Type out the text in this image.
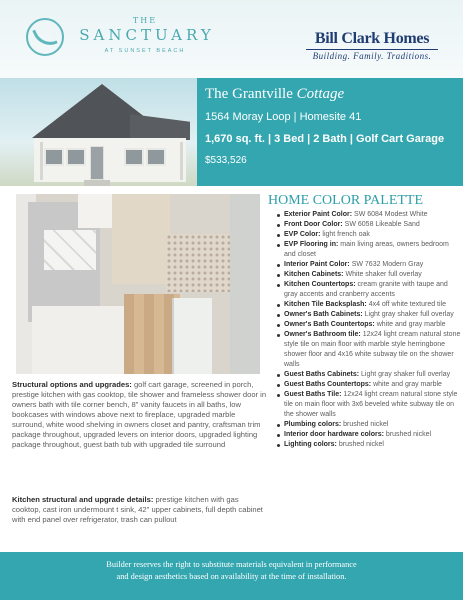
THE
SANCTUARY
AT SUNSET BEACH
Bill Clark Homes
Building. Family. Traditions.
The Grantville Cottage
1564 Moray Loop | Homesite 41
1,670 sq. ft. | 3 Bed | 2 Bath | Golf Cart Garage
$533,526
HOME COLOR PALETTE
Exterior Paint Color: SW 6084 Modest White
Front Door Color: SW 6058 Likeable Sand
EVP Color: light french oak
EVP Flooring in: main living areas, owners bedroom and closet
Interior Paint Color: SW 7632 Modern Gray
Kitchen Cabinets: White shaker full overlay
Kitchen Countertops: cream granite with taupe and gray accents and cranberry accents
Kitchen Tile Backsplash: 4x4 off white textured tile
Owner's Bath Cabinets: Light gray shaker full overlay
Owner's Bath Countertops: white and gray marble
Owner's Bathroom tile: 12x24 light cream natural stone style tile on main floor with marble style herringbone shower floor and 4x16 white subway tile on the shower walls
Guest Baths Cabinets: Light gray shaker full overlay
Guest Baths Countertops: white and gray marble
Guest Baths Tile: 12x24 light cream natural stone style tile on main floor with 3x6 beveled white subway tile on the shower walls
Plumbing colors: brushed nickel
Interior door hardware colors: brushed nickel
Lighting colors: brushed nickel
Structural options and upgrades: golf cart garage, screened in porch, prestige kitchen with gas cooktop, tile shower and frameless shower door in owners bath with tile corner bench, 8" vanity faucets in all baths, low bookcases with windows above next to fireplace, upgraded marble surround, white wood shelving in owners closet and pantry, craftsman trim package throughout, upgraded levers on interior doors, upgraded lighting package throughout, guest bath tub with upgraded tile surround
Kitchen structural and upgrade details: prestige kitchen with gas cooktop, cast iron undermount t sink, 42" upper cabinets, full depth cabinet with end panel over refrigerator, trash can pullout
Builder reserves the right to substitute materials equivalent in performance
and design aesthetics based on availability at the time of installation.
